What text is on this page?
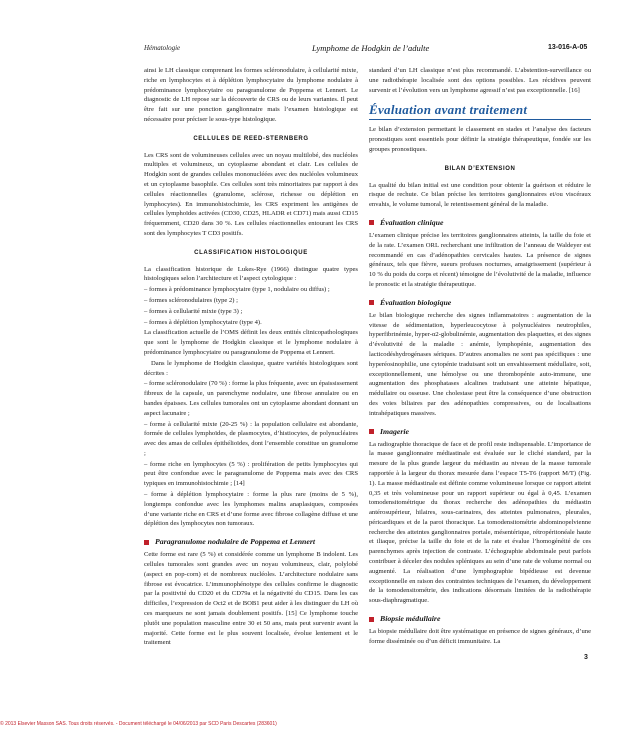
Hématologie	Lymphome de Hodgkin de l’adulte	13-016-A-05

ainsi le LH classique comprenant les formes scléronodulaire, à cellularité mixte, riche en lymphocytes et à déplétion lymphocytaire du lymphome nodulaire à prédominance lymphocytaire ou paragranulome de Poppema et Lennert. Le diagnostic de LH repose sur la découverte de CRS ou de leurs variantes. Il peut être fait sur une ponction ganglionnaire mais l’examen histologique est nécessaire pour préciser le sous-type histologique.

CELLULES DE REED-STERNBERG

Les CRS sont de volumineuses cellules avec un noyau multilobé, des nucléoles multiples et volumineux, un cytoplasme abondant et clair. Les cellules de Hodgkin sont de grandes cellules mononucléées avec des nucléoles volumineux et un cytoplasme basophile. Ces cellules sont très minoritaires par rapport à des cellules réactionnelles (granulome, sclérose, richesse ou déplétion en lymphocytes). En immunohistochimie, les CRS expriment les antigènes de cellules lymphoïdes activées (CD30, CD25, HLADR et CD71) mais aussi CD15 fréquemment, CD20 dans 30 %. Les cellules réactionnelles entourant les CRS sont des lymphocytes T CD3 positifs.

CLASSIFICATION HISTOLOGIQUE

La classification historique de Lukes-Rye (1966) distingue quatre types histologiques selon l’architecture et l’aspect cytologique :

– formes à prédominance lymphocytaire (type 1, nodulaire ou diffus) ;

– formes scléronodulaires (type 2) ;

– formes à cellularité mixte (type 3) ;

– formes à déplétion lymphocytaire (type 4).

La classification actuelle de l’OMS définit les deux entités clinicopathologiques que sont le lymphome de Hodgkin classique et le lymphome nodulaire à prédominance lymphocytaire ou paragranulome de Poppema et Lennert.

Dans le lymphome de Hodgkin classique, quatre variétés histologiques sont décrites :

– forme scléronodulaire (70 %) : forme la plus fréquente, avec un épaississement fibreux de la capsule, un parenchyme nodulaire, une fibrose annulaire ou en bandes épaisses. Les cellules tumorales ont un cytoplasme abondant donnant un aspect lacunaire ;

– forme à cellularité mixte (20-25 %) : la population cellulaire est abondante, formée de cellules lymphoïdes, de plasmocytes, d’histiocytes, de polynucléaires avec des amas de cellules épithélioïdes, dont l’ensemble constitue un granulome ;

– forme riche en lymphocytes (5 %) : prolifération de petits lymphocytes qui peut être confondue avec le paragranulome de Poppema mais avec des CRS typiques en immunohistochimie ; [14]

– forme à déplétion lymphocytaire : forme la plus rare (moins de 5 %), longtemps confondue avec les lymphomes malins anaplasiques, composées d’une variante riche en CRS et d’une forme avec fibrose collagène diffuse et une déplétion des lymphocytes non tumoraux.

Paragranulome nodulaire de Poppema et Lennert

Cette forme est rare (5 %) et considérée comme un lymphome B indolent. Les cellules tumorales sont grandes avec un noyau volumineux, clair, polylobé (aspect en pop-corn) et de nombreux nucléoles. L’architecture nodulaire sans fibrose est évocatrice. L’immunophénotype des cellules confirme le diagnostic par la positivité du CD20 et du CD79a et la négativité du CD15. Dans les cas difficiles, l’expression de Oct2 et de BOB1 peut aider à les distinguer du LH où ces marqueurs ne sont jamais doublement positifs. [15] Ce lymphome touche plutôt une population masculine entre 30 et 50 ans, mais peut survenir avant la majorité. Cette forme est le plus souvent localisée, évolue lentement et le traitement

standard d’un LH classique n’est plus recommandé. L’abstention-surveillance ou une radiothérapie localisée sont des options possibles. Les récidives peuvent survenir et l’évolution vers un lymphome agressif n’est pas exceptionnelle. [16]

Évaluation avant traitement

Le bilan d’extension permettant le classement en stades et l’analyse des facteurs pronostiques sont essentiels pour définir la stratégie thérapeutique, fondée sur les groupes pronostiques.

BILAN D’EXTENSION

La qualité du bilan initial est une condition pour obtenir la guérison et réduire le risque de rechute. Ce bilan précise les territoires ganglionnaires et/ou viscéraux envahis, le volume tumoral, le retentissement général de la maladie.

Évaluation clinique

L’examen clinique précise les territoires ganglionnaires atteints, la taille du foie et de la rate. L’examen ORL recherchant une infiltration de l’anneau de Waldeyer est recommandé en cas d’adénopathies cervicales hautes. La présence de signes généraux, tels que fièvre, sueurs profuses nocturnes, amaigrissement (supérieur à 10 % du poids du corps et récent) témoigne de l’évolutivité de la maladie, influence le pronostic et la stratégie thérapeutique.

Évaluation biologique

Le bilan biologique recherche des signes inflammatoires : augmentation de la vitesse de sédimentation, hyperleucocytose à polynucléaires neutrophiles, hyperfibrinémie, hyper-α2-globulinémie, augmentation des plaquettes, et des signes d’évolutivité de la maladie : anémie, lymphopénie, augmentation des lacticodéshydrogénases sériques. D’autres anomalies ne sont pas spécifiques : une hyperéosinophilie, une cytopénie traduisant soit un envahissement médullaire, soit, exceptionnellement, une hémolyse ou une thrombopénie auto-immune, une augmentation des phosphatases alcalines traduisant une atteinte hépatique, médullaire ou osseuse. Une cholestase peut être la conséquence d’une obstruction des voies biliaires par des adénopathies compressives, ou de localisations intrahépatiques massives.

Imagerie

La radiographie thoracique de face et de profil reste indispensable. L’importance de la masse ganglionnaire médiastinale est évaluée sur le cliché standard, par la mesure de la plus grande largeur du médiastin au niveau de la masse tumorale rapportée à la largeur du thorax mesurée dans l’espace T5-T6 (rapport M/T) (Fig. 1). La masse médiastinale est définie comme volumineuse lorsque ce rapport atteint 0,35 et très volumineuse pour un rapport supérieur ou égal à 0,45. L’examen tomodensitométrique du thorax recherche des adénopathies du médiastin antérosupérieur, hilaires, sous-carinaires, des atteintes pulmonaires, pleurales, péricardiques et de la paroi thoracique. La tomodensitométrie abdominopelvienne recherche des atteintes ganglionnaires portale, mésentérique, rétropéritonéale haute et iliaque, précise la taille du foie et de la rate et évalue l’homogénéité de ces parenchymes après injection de contraste. L’échographie abdominale peut parfois contribuer à déceler des nodules spléniques au sein d’une rate de volume normal ou augmenté. La réalisation d’une lymphographie bipédieuse est devenue exceptionnelle en raison des contraintes techniques de l’examen, du développement de la tomodensitométrie, des indications désormais limitées de la radiothérapie sous-diaphragmatique.

Biopsie médullaire

La biopsie médullaire doit être systématique en présence de signes généraux, d’une forme disséminée ou d’un déficit immunitaire. La

3
© 2013 Elsevier Masson SAS. Tous droits réservés. - Document téléchargé le 04/06/2013 par SCD Paris Descartes (283601)
